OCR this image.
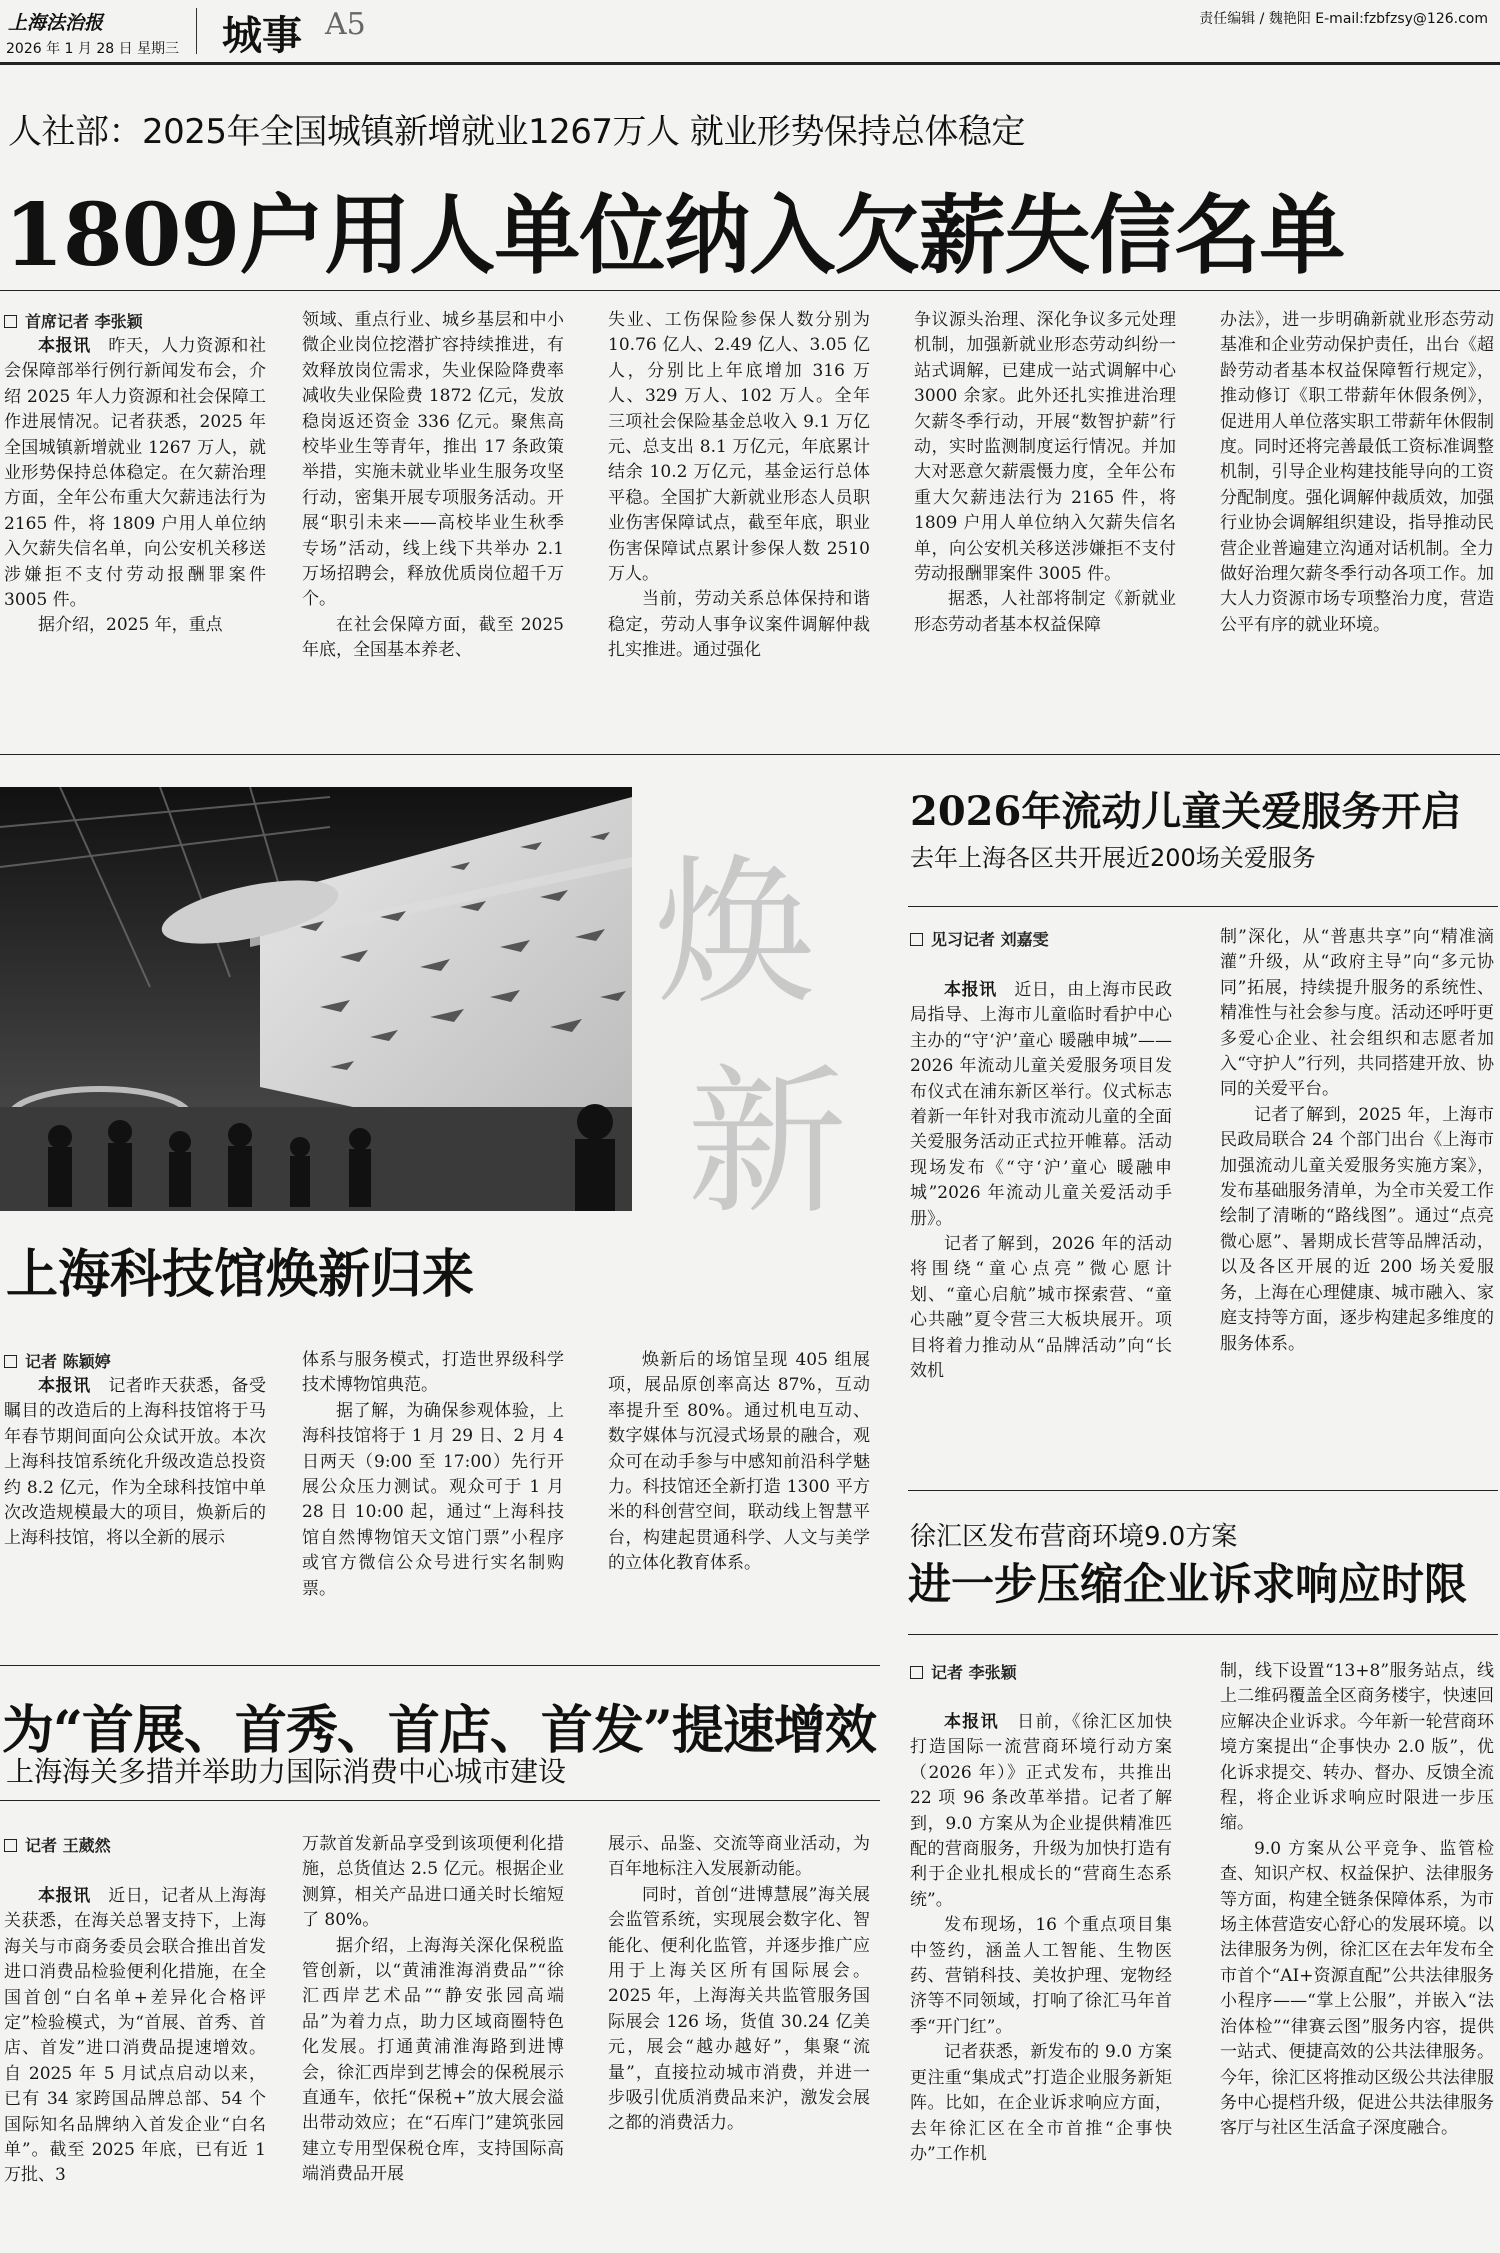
上海法治报
2026 年 1 月 28 日 星期三 城事 A5	责任编辑 / 魏艳阳 E-mail:fzbfzsy@126.com
人社部：2025年全国城镇新增就业1267万人 就业形势保持总体稳定
1809户用人单位纳入欠薪失信名单
首席记者 李张颖

本报讯　 昨天，人力资源和社会保障部举行例行新闻发布会，介绍 2025 年人力资源和社会保障工作进展情况。记者获悉，2025 年全国城镇新增就业 1267 万人，就业形势保持总体稳定。在欠薪治理方面，全年公布重大欠薪违法行为 2165 件，将 1809 户用人单位纳入欠薪失信名单，向公安机关移送涉嫌拒不支付劳动报酬罪案件 3005 件。

据介绍，2025 年，重点

领域、重点行业、城乡基层和中小微企业岗位挖潜扩容持续推进，有效释放岗位需求，失业保险降费率减收失业保险费 1872 亿元，发放稳岗返还资金 336 亿元。聚焦高校毕业生等青年，推出 17 条政策举措，实施未就业毕业生服务攻坚行动，密集开展专项服务活动。开展“职引未来——高校毕业生秋季专场”活动，线上线下共举办 2.1 万场招聘会，释放优质岗位超千万个。

在社会保障方面，截至 2025 年底，全国基本养老、

失业、工伤保险参保人数分别为 10.76 亿人、2.49 亿人、3.05 亿人，分别比上年底增加 316 万人、329 万人、102 万人。全年三项社会保险基金总收入 9.1 万亿元、总支出 8.1 万亿元，年底累计结余 10.2 万亿元，基金运行总体平稳。全国扩大新就业形态人员职业伤害保障试点，截至年底，职业伤害保障试点累计参保人数 2510 万人。

当前，劳动关系总体保持和谐稳定，劳动人事争议案件调解仲裁扎实推进。通过强化

争议源头治理、深化争议多元处理机制，加强新就业形态劳动纠纷一站式调解，已建成一站式调解中心 3000 余家。此外还扎实推进治理欠薪冬季行动，开展“数智护薪”行动，实时监测制度运行情况。并加大对恶意欠薪震慑力度，全年公布重大欠薪违法行为 2165 件，将 1809 户用人单位纳入欠薪失信名单，向公安机关移送涉嫌拒不支付劳动报酬罪案件 3005 件。

据悉，人社部将制定《新就业形态劳动者基本权益保障

办法》，进一步明确新就业形态劳动基准和企业劳动保护责任，出台《超龄劳动者基本权益保障暂行规定》，推动修订《职工带薪年休假条例》，促进用人单位落实职工带薪年休假制度。同时还将完善最低工资标准调整机制，引导企业构建技能导向的工资分配制度。强化调解仲裁质效，加强行业协会调解组织建设，指导推动民营企业普遍建立沟通对话机制。全力做好治理欠薪冬季行动各项工作。加大人力资源市场专项整治力度，营造公平有序的就业环境。

焕
新
上海科技馆焕新归来
记者 陈颖婷

本报讯　 记者昨天获悉，备受瞩目的改造后的上海科技馆将于马年春节期间面向公众试开放。本次上海科技馆系统化升级改造总投资约 8.2 亿元，作为全球科技馆中单次改造规模最大的项目，焕新后的上海科技馆，将以全新的展示

体系与服务模式，打造世界级科学技术博物馆典范。

据了解，为确保参观体验，上海科技馆将于 1 月 29 日、2 月 4 日两天（9:00 至 17:00）先行开展公众压力测试。观众可于 1 月 28 日 10:00 起，通过“上海科技馆自然博物馆天文馆门票”小程序或官方微信公众号进行实名制购票。

焕新后的场馆呈现 405 组展项，展品原创率高达 87%，互动率提升至 80%。通过机电互动、数字媒体与沉浸式场景的融合，观众可在动手参与中感知前沿科学魅力。科技馆还全新打造 1300 平方米的科创营空间，联动线上智慧平台，构建起贯通科学、人文与美学的立体化教育体系。

2026年流动儿童关爱服务开启
去年上海各区共开展近200场关爱服务
见习记者 刘嘉雯

本报讯　 近日，由上海市民政局指导、上海市儿童临时看护中心主办的“守‘沪’童心 暖融申城”——2026 年流动儿童关爱服务项目发布仪式在浦东新区举行。仪式标志着新一年针对我市流动儿童的全面关爱服务活动正式拉开帷幕。活动现场发布《“守‘沪’童心 暖融申城”2026 年流动儿童关爱活动手册》。

记者了解到，2026 年的活动将围绕“童心点亮”微心愿计划、“童心启航”城市探索营、“童心共融”夏令营三大板块展开。项目将着力推动从“品牌活动”向“长效机

制”深化，从“普惠共享”向“精准滴灌”升级，从“政府主导”向“多元协同”拓展，持续提升服务的系统性、精准性与社会参与度。活动还呼吁更多爱心企业、社会组织和志愿者加入“守护人”行列，共同搭建开放、协同的关爱平台。

记者了解到，2025 年，上海市民政局联合 24 个部门出台《上海市加强流动儿童关爱服务实施方案》，发布基础服务清单，为全市关爱工作绘制了清晰的“路线图”。通过“点亮微心愿”、暑期成长营等品牌活动，以及各区开展的近 200 场关爱服务，上海在心理健康、城市融入、家庭支持等方面，逐步构建起多维度的服务体系。

徐汇区发布营商环境9.0方案
进一步压缩企业诉求响应时限
记者 李张颖

本报讯　 日前，《徐汇区加快打造国际一流营商环境行动方案（2026 年）》正式发布，共推出 22 项 96 条改革举措。记者了解到，9.0 方案从为企业提供精准匹配的营商服务，升级为加快打造有利于企业扎根成长的“营商生态系统”。

发布现场，16 个重点项目集中签约，涵盖人工智能、生物医药、营销科技、美妆护理、宠物经济等不同领域，打响了徐汇马年首季“开门红”。

记者获悉，新发布的 9.0 方案更注重“集成式”打造企业服务新矩阵。比如，在企业诉求响应方面，去年徐汇区在全市首推“企事快办”工作机

制，线下设置“13+8”服务站点，线上二维码覆盖全区商务楼宇，快速回应解决企业诉求。今年新一轮营商环境方案提出“企事快办 2.0 版”，优化诉求提交、转办、督办、反馈全流程，将企业诉求响应时限进一步压缩。

9.0 方案从公平竞争、监管检查、知识产权、权益保护、法律服务等方面，构建全链条保障体系，为市场主体营造安心舒心的发展环境。以法律服务为例，徐汇区在去年发布全市首个“AI+资源直配”公共法律服务小程序——“掌上公服”，并嵌入“法治体检”“律赛云图”服务内容，提供一站式、便捷高效的公共法律服务。今年，徐汇区将推动区级公共法律服务中心提档升级，促进公共法律服务客厅与社区生活盒子深度融合。

为“首展、首秀、首店、首发”提速增效
上海海关多措并举助力国际消费中心城市建设
记者 王葳然

本报讯　 近日，记者从上海海关获悉，在海关总署支持下，上海海关与市商务委员会联合推出首发进口消费品检验便利化措施，在全国首创“白名单+差异化合格评定”检验模式，为“首展、首秀、首店、首发”进口消费品提速增效。自 2025 年 5 月试点启动以来，已有 34 家跨国品牌总部、54 个国际知名品牌纳入首发企业“白名单”。截至 2025 年底，已有近 1 万批、3

万款首发新品享受到该项便利化措施，总货值达 2.5 亿元。根据企业测算，相关产品进口通关时长缩短了 80%。

据介绍，上海海关深化保税监管创新，以“黄浦淮海消费品”“徐汇西岸艺术品”“静安张园高端品”为着力点，助力区域商圈特色化发展。打通黄浦淮海路到进博会，徐汇西岸到艺博会的保税展示直通车，依托“保税+”放大展会溢出带动效应；在“石库门”建筑张园建立专用型保税仓库，支持国际高端消费品开展

展示、品鉴、交流等商业活动，为百年地标注入发展新动能。

同时，首创“进博慧展”海关展会监管系统，实现展会数字化、智能化、便利化监管，并逐步推广应用于上海关区所有国际展会。2025 年，上海海关共监管服务国际展会 126 场，货值 30.24 亿美元，展会“越办越好”，集聚“流量”，直接拉动城市消费，并进一步吸引优质消费品来沪，激发会展之都的消费活力。
